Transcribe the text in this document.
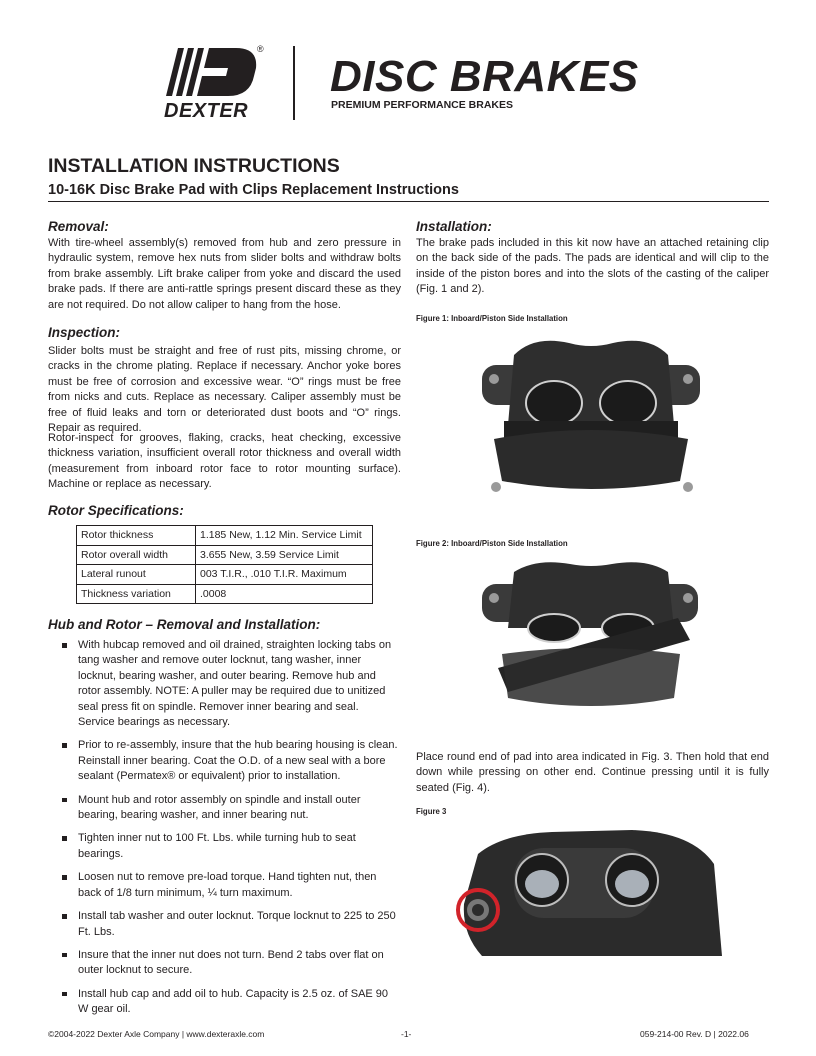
®

DEXTER

DISC BRAKES

PREMIUM PERFORMANCE BRAKES

INSTALLATION INSTRUCTIONS
10-16K Disc Brake Pad with Clips Replacement Instructions
Removal:

With tire-wheel assembly(s) removed from hub and zero pressure in hydraulic system, remove hex nuts from slider bolts and withdraw bolts from brake assembly. Lift brake caliper from yoke and discard the used brake pads. If there are anti-rattle springs present discard these as they are not required. Do not allow caliper to hang from the hose.

Inspection:

Slider bolts must be straight and free of rust pits, missing chrome, or cracks in the chrome plating. Replace if necessary. Anchor yoke bores must be free of corrosion and excessive wear. “O” rings must be free from nicks and cuts. Replace as necessary. Caliper assembly must be free of fluid leaks and torn or deteriorated dust boots and “O” rings. Repair as required.

Rotor-inspect for grooves, flaking, cracks, heat checking, excessive thickness variation, insufficient overall rotor thickness and overall width (measurement from inboard rotor face to rotor mounting surface). Machine or replace as necessary.

Rotor Specifications:
Rotor thickness	1.185 New, 1.12 Min. Service Limit
Rotor overall width	3.655 New, 3.59 Service Limit
Lateral runout	003 T.I.R., .010 T.I.R. Maximum
Thickness variation	.0008
Hub and Rotor – Removal and Installation:
With hubcap removed and oil drained, straighten locking tabs on tang washer and remove outer locknut, tang washer, inner locknut, bearing washer, and outer bearing. Remove hub and rotor assembly. NOTE: A puller may be required due to unitized seal press fit on spindle. Remover inner bearing and seal. Service bearings as necessary.
Prior to re-assembly, insure that the hub bearing housing is clean. Reinstall inner bearing. Coat the O.D. of a new seal with a bore sealant (Permatex® or equivalent) prior to installation.
Mount hub and rotor assembly on spindle and install outer bearing, bearing washer, and inner bearing nut.
Tighten inner nut to 100 Ft. Lbs. while turning hub to seat bearings.
Loosen nut to remove pre-load torque. Hand tighten nut, then back of 1/8 turn minimum, ¼ turn maximum.
Install tab washer and outer locknut. Torque locknut to 225 to 250 Ft. Lbs.
Insure that the inner nut does not turn. Bend 2 tabs over flat on outer locknut to secure.
Install hub cap and add oil to hub. Capacity is 2.5 oz. of SAE 90 W gear oil.
Installation:

The brake pads included in this kit now have an attached retaining clip on the back side of the pads. The pads are identical and will clip to the inside of the piston bores and into the slots of the casting of the caliper (Fig. 1 and 2).

Figure 1: Inboard/Piston Side Installation

Figure 2: Inboard/Piston Side Installation

Place round end of pad into area indicated in Fig. 3. Then hold that end down while pressing on other end. Continue pressing until it is fully seated (Fig. 4).

Figure 3

©2004-2022 Dexter Axle Company | www.dexteraxle.com	-1-	059-214-00 Rev. D | 2022.06
